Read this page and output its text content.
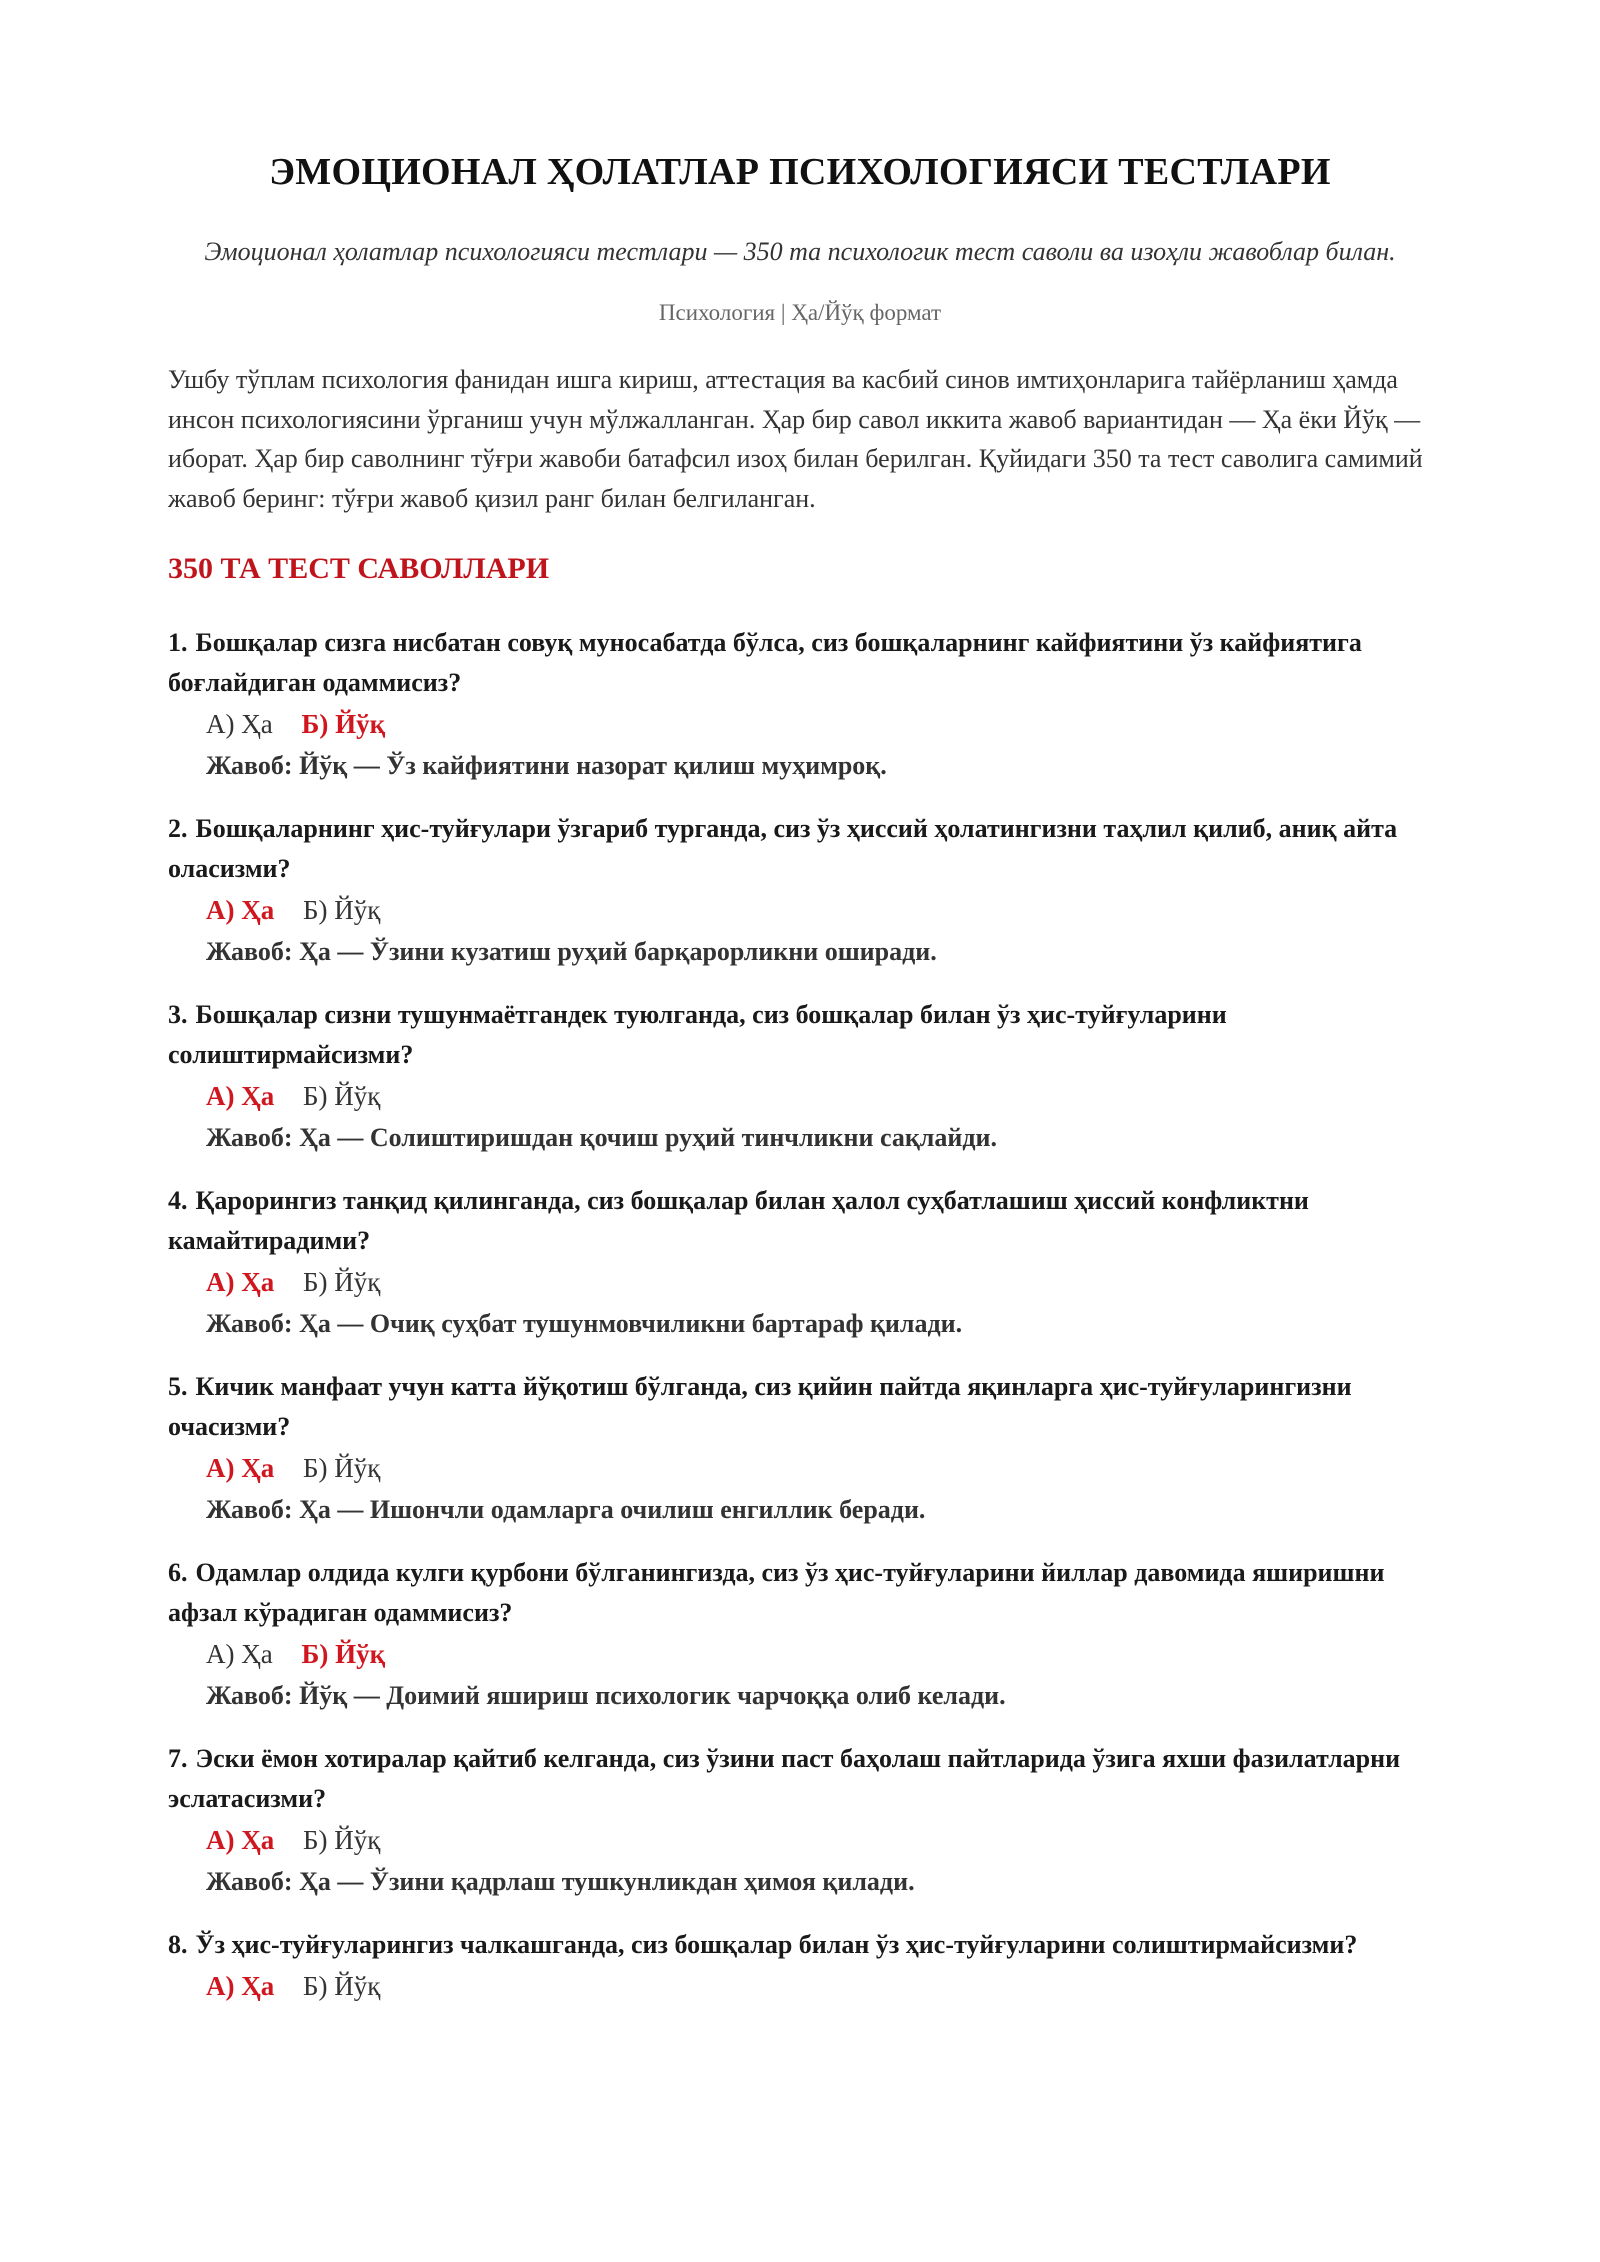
ЭМОЦИОНАЛ ҲОЛАТЛАР ПСИХОЛОГИЯСИ ТЕСТЛАРИ
Эмоционал ҳолатлар психологияси тестлари — 350 та психологик тест саволи ва изоҳли жавоблар билан.
Психология | Ҳа/Йўқ формат

Ушбу тўплам психология фанидан ишга кириш, аттестация ва касбий синов имтиҳонларига тайёрланиш ҳамда инсон психологиясини ўрганиш учун мўлжалланган. Ҳар бир савол иккита жавоб вариантидан — Ҳа ёки Йўқ — иборат. Ҳар бир саволнинг тўғри жавоби батафсил изоҳ билан берилган. Қуйидаги 350 та тест саволига самимий жавоб беринг: тўғри жавоб қизил ранг билан белгиланган.

350 ТА ТЕСТ САВОЛЛАРИ
1. Бошқалар сизга нисбатан совуқ муносабатда бўлса, сиз бошқаларнинг кайфиятини ўз кайфиятига боғлайдиган одаммисиз?
А) Ҳа Б) Йўқ
Жавоб: Йўқ — Ўз кайфиятини назорат қилиш муҳимроқ.
2. Бошқаларнинг ҳис-туйғулари ўзгариб турганда, сиз ўз ҳиссий ҳолатингизни таҳлил қилиб, аниқ айта оласизми?
А) Ҳа Б) Йўқ
Жавоб: Ҳа — Ўзини кузатиш руҳий барқарорликни оширади.
3. Бошқалар сизни тушунмаётгандек туюлганда, сиз бошқалар билан ўз ҳис-туйғуларини солиштирмайсизми?
А) Ҳа Б) Йўқ
Жавоб: Ҳа — Солиштиришдан қочиш руҳий тинчликни сақлайди.
4. Қарорингиз танқид қилинганда, сиз бошқалар билан ҳалол суҳбатлашиш ҳиссий конфликтни камайтирадими?
А) Ҳа Б) Йўқ
Жавоб: Ҳа — Очиқ суҳбат тушунмовчиликни бартараф қилади.
5. Кичик манфаат учун катта йўқотиш бўлганда, сиз қийин пайтда яқинларга ҳис-туйғуларингизни очасизми?
А) Ҳа Б) Йўқ
Жавоб: Ҳа — Ишончли одамларга очилиш енгиллик беради.
6. Одамлар олдида кулги қурбони бўлганингизда, сиз ўз ҳис-туйғуларини йиллар давомида яширишни афзал кўрадиган одаммисиз?
А) Ҳа Б) Йўқ
Жавоб: Йўқ — Доимий яшириш психологик чарчоққа олиб келади.
7. Эски ёмон хотиралар қайтиб келганда, сиз ўзини паст баҳолаш пайтларида ўзига яхши фазилатларни эслатасизми?
А) Ҳа Б) Йўқ
Жавоб: Ҳа — Ўзини қадрлаш тушкунликдан ҳимоя қилади.
8. Ўз ҳис-туйғуларингиз чалкашганда, сиз бошқалар билан ўз ҳис-туйғуларини солиштирмайсизми?
А) Ҳа Б) Йўқ
